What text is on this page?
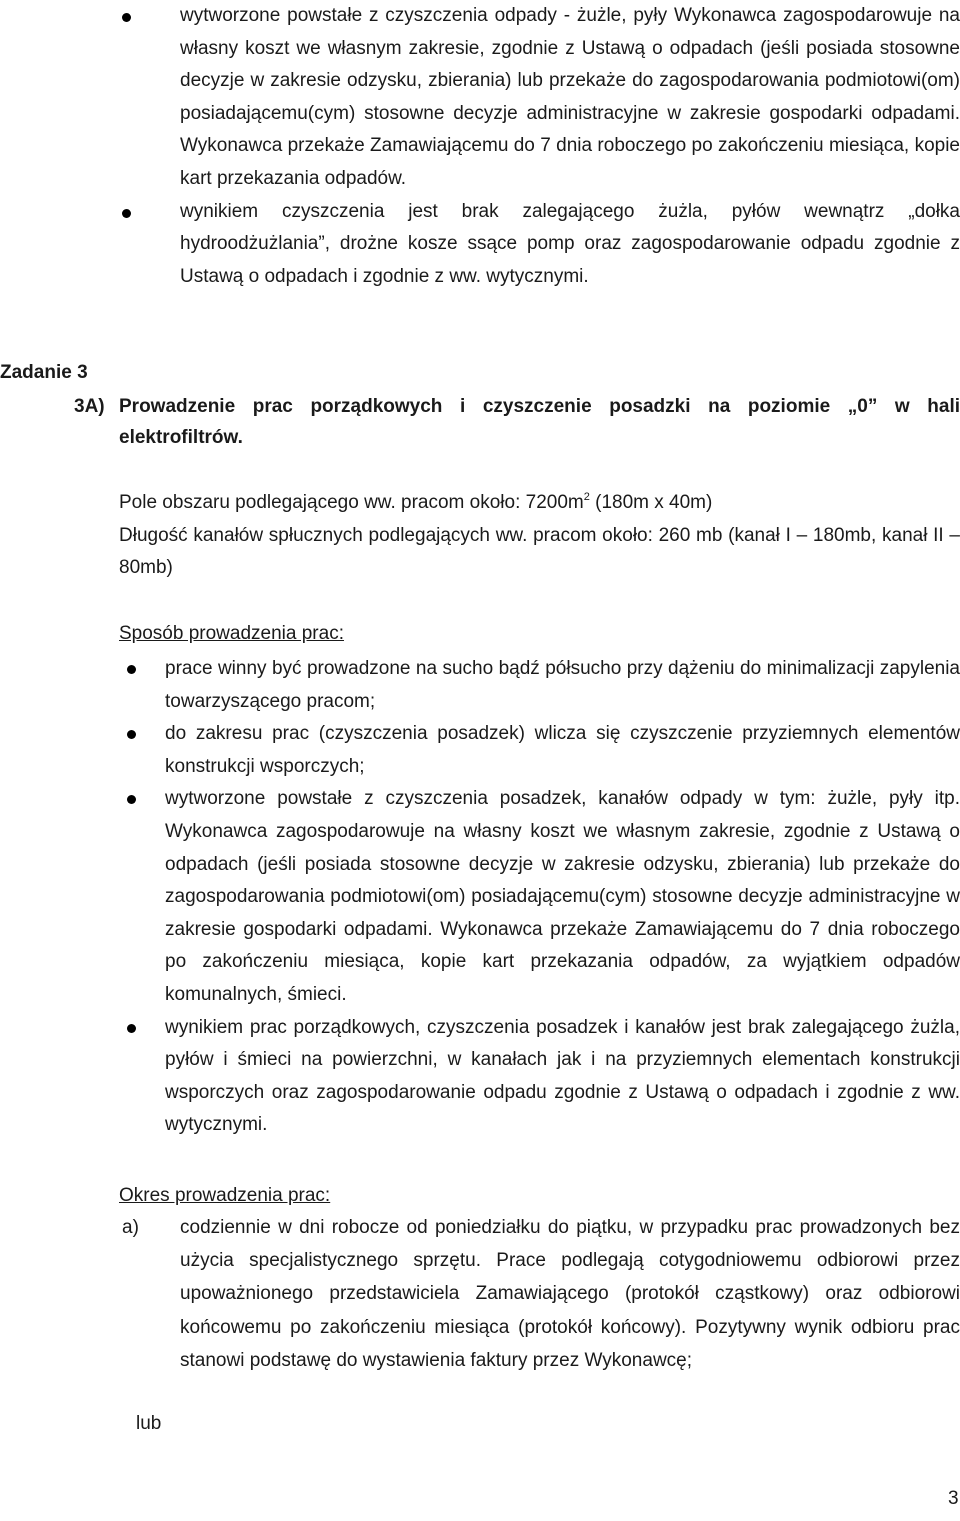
wytworzone powstałe z czyszczenia odpady - żużle, pyły Wykonawca zagospodarowuje na własny koszt we własnym zakresie, zgodnie z Ustawą o odpadach (jeśli posiada stosowne decyzje w zakresie odzysku, zbierania) lub przekaże do zagospodarowania podmiotowi(om) posiadającemu(cym) stosowne decyzje administracyjne w zakresie gospodarki odpadami. Wykonawca przekaże Zamawiającemu do 7 dnia roboczego po zakończeniu miesiąca, kopie kart przekazania odpadów.

wynikiem czyszczenia jest brak zalegającego żużla, pyłów wewnątrz „dołka hydroodżużlania”, drożne kosze ssące pomp oraz zagospodarowanie odpadu zgodnie z Ustawą o odpadach i zgodnie z ww. wytycznymi.

Zadanie 3

3A) Prowadzenie prac porządkowych i czyszczenie posadzki na poziomie „0” w hali
elektrofiltrów.

Pole obszaru podlegającego ww. pracom około: $7200m^2$ (180m x 40m)

Długość kanałów spłucznych podlegających ww. pracom około: 260 mb (kanał I – 180mb, kanał II – 80mb)

Sposób prowadzenia prac:

prace winny być prowadzone na sucho bądź półsucho przy dążeniu do minimalizacji zapylenia towarzyszącego pracom;

do zakresu prac (czyszczenia posadzek) wlicza się czyszczenie przyziemnych elementów konstrukcji wsporczych;

wytworzone powstałe z czyszczenia posadzek, kanałów odpady w tym: żużle, pyły itp. Wykonawca zagospodarowuje na własny koszt we własnym zakresie, zgodnie z Ustawą o odpadach (jeśli posiada stosowne decyzje w zakresie odzysku, zbierania) lub przekaże do zagospodarowania podmiotowi(om) posiadającemu(cym) stosowne decyzje administracyjne w zakresie gospodarki odpadami. Wykonawca przekaże Zamawiającemu do 7 dnia roboczego po zakończeniu miesiąca, kopie kart przekazania odpadów, za wyjątkiem odpadów komunalnych, śmieci.

wynikiem prac porządkowych, czyszczenia posadzek i kanałów jest brak zalegającego żużla, pyłów i śmieci na powierzchni, w kanałach jak i na przyziemnych elementach konstrukcji wsporczych oraz zagospodarowanie odpadu zgodnie z Ustawą o odpadach i zgodnie z ww. wytycznymi.

Okres prowadzenia prac:

a) codziennie w dni robocze od poniedziałku do piątku, w przypadku prac prowadzonych bez użycia specjalistycznego sprzętu. Prace podlegają cotygodniowemu odbiorowi przez upoważnionego przedstawiciela Zamawiającego (protokół cząstkowy) oraz odbiorowi końcowemu po zakończeniu miesiąca (protokół końcowy). Pozytywny wynik odbioru prac stanowi podstawę do wystawienia faktury przez Wykonawcę;

lub

3
